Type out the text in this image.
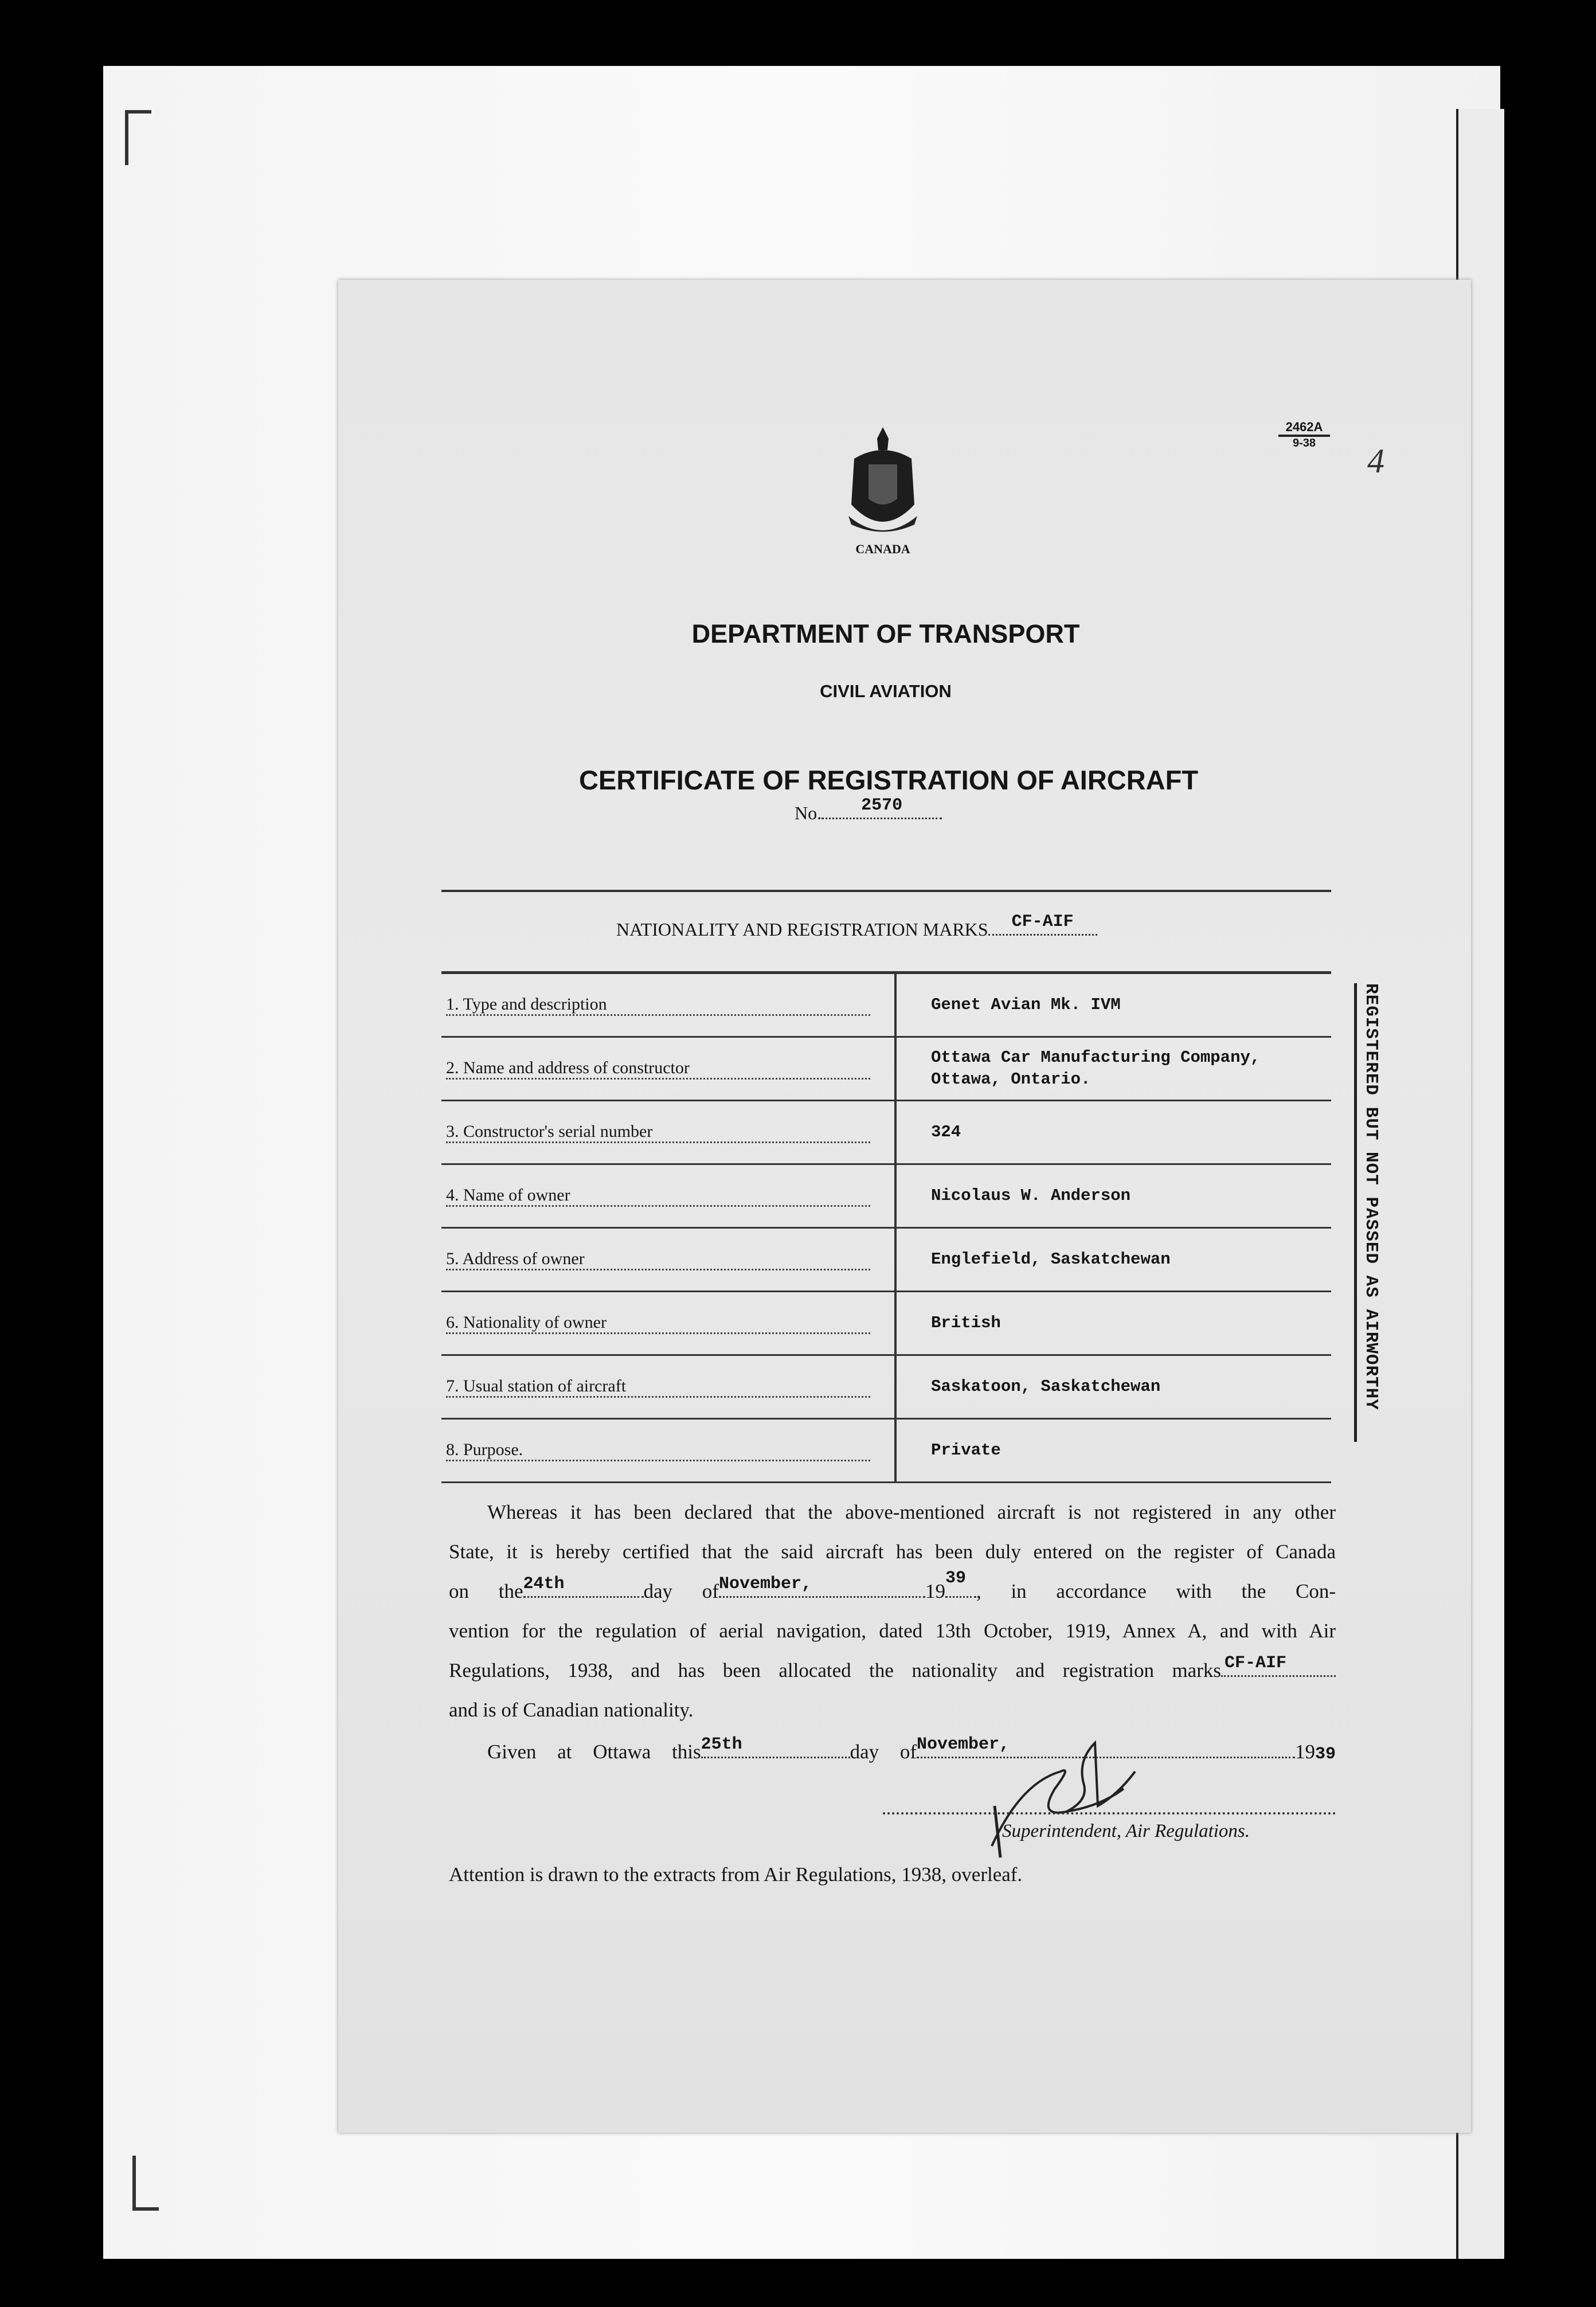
CANADA
2462A
9-38	4
DEPARTMENT OF TRANSPORT
CIVIL AVIATION
CERTIFICATE OF REGISTRATION OF AIRCRAFT
No.	2570
NATIONALITY AND REGISTRATION MARKS	CF-AIF
1. Type and description	Genet Avian Mk. IVM
2. Name and address of constructor	Ottawa Car Manufacturing Company,
Ottawa, Ontario.
3. Constructor's serial number	324
4. Name of owner	Nicolaus W. Anderson
5. Address of owner	Englefield, Saskatchewan
6. Nationality of owner	British
7. Usual station of aircraft	Saskatoon, Saskatchewan
8. Purpose.	Private
REGISTERED BUT NOT PASSED AS AIRWORTHY
Whereas it has been declared that the above-mentioned aircraft is not registered in any other
State, it is hereby certified that the said aircraft has been duly entered on the register of Canada
on the 24th	day of November,	19
39
, in accordance with the Con-
vention for the regulation of aerial navigation, dated 13th October, 1919, Annex A, and with Air
Regulations, 1938, and has been allocated the nationality and registration marks CF-AIF
and is of Canadian nationality.
Given at Ottawa this 25th	day of November,	1939
Superintendent, Air Regulations.
Attention is drawn to the extracts from Air Regulations, 1938, overleaf.
